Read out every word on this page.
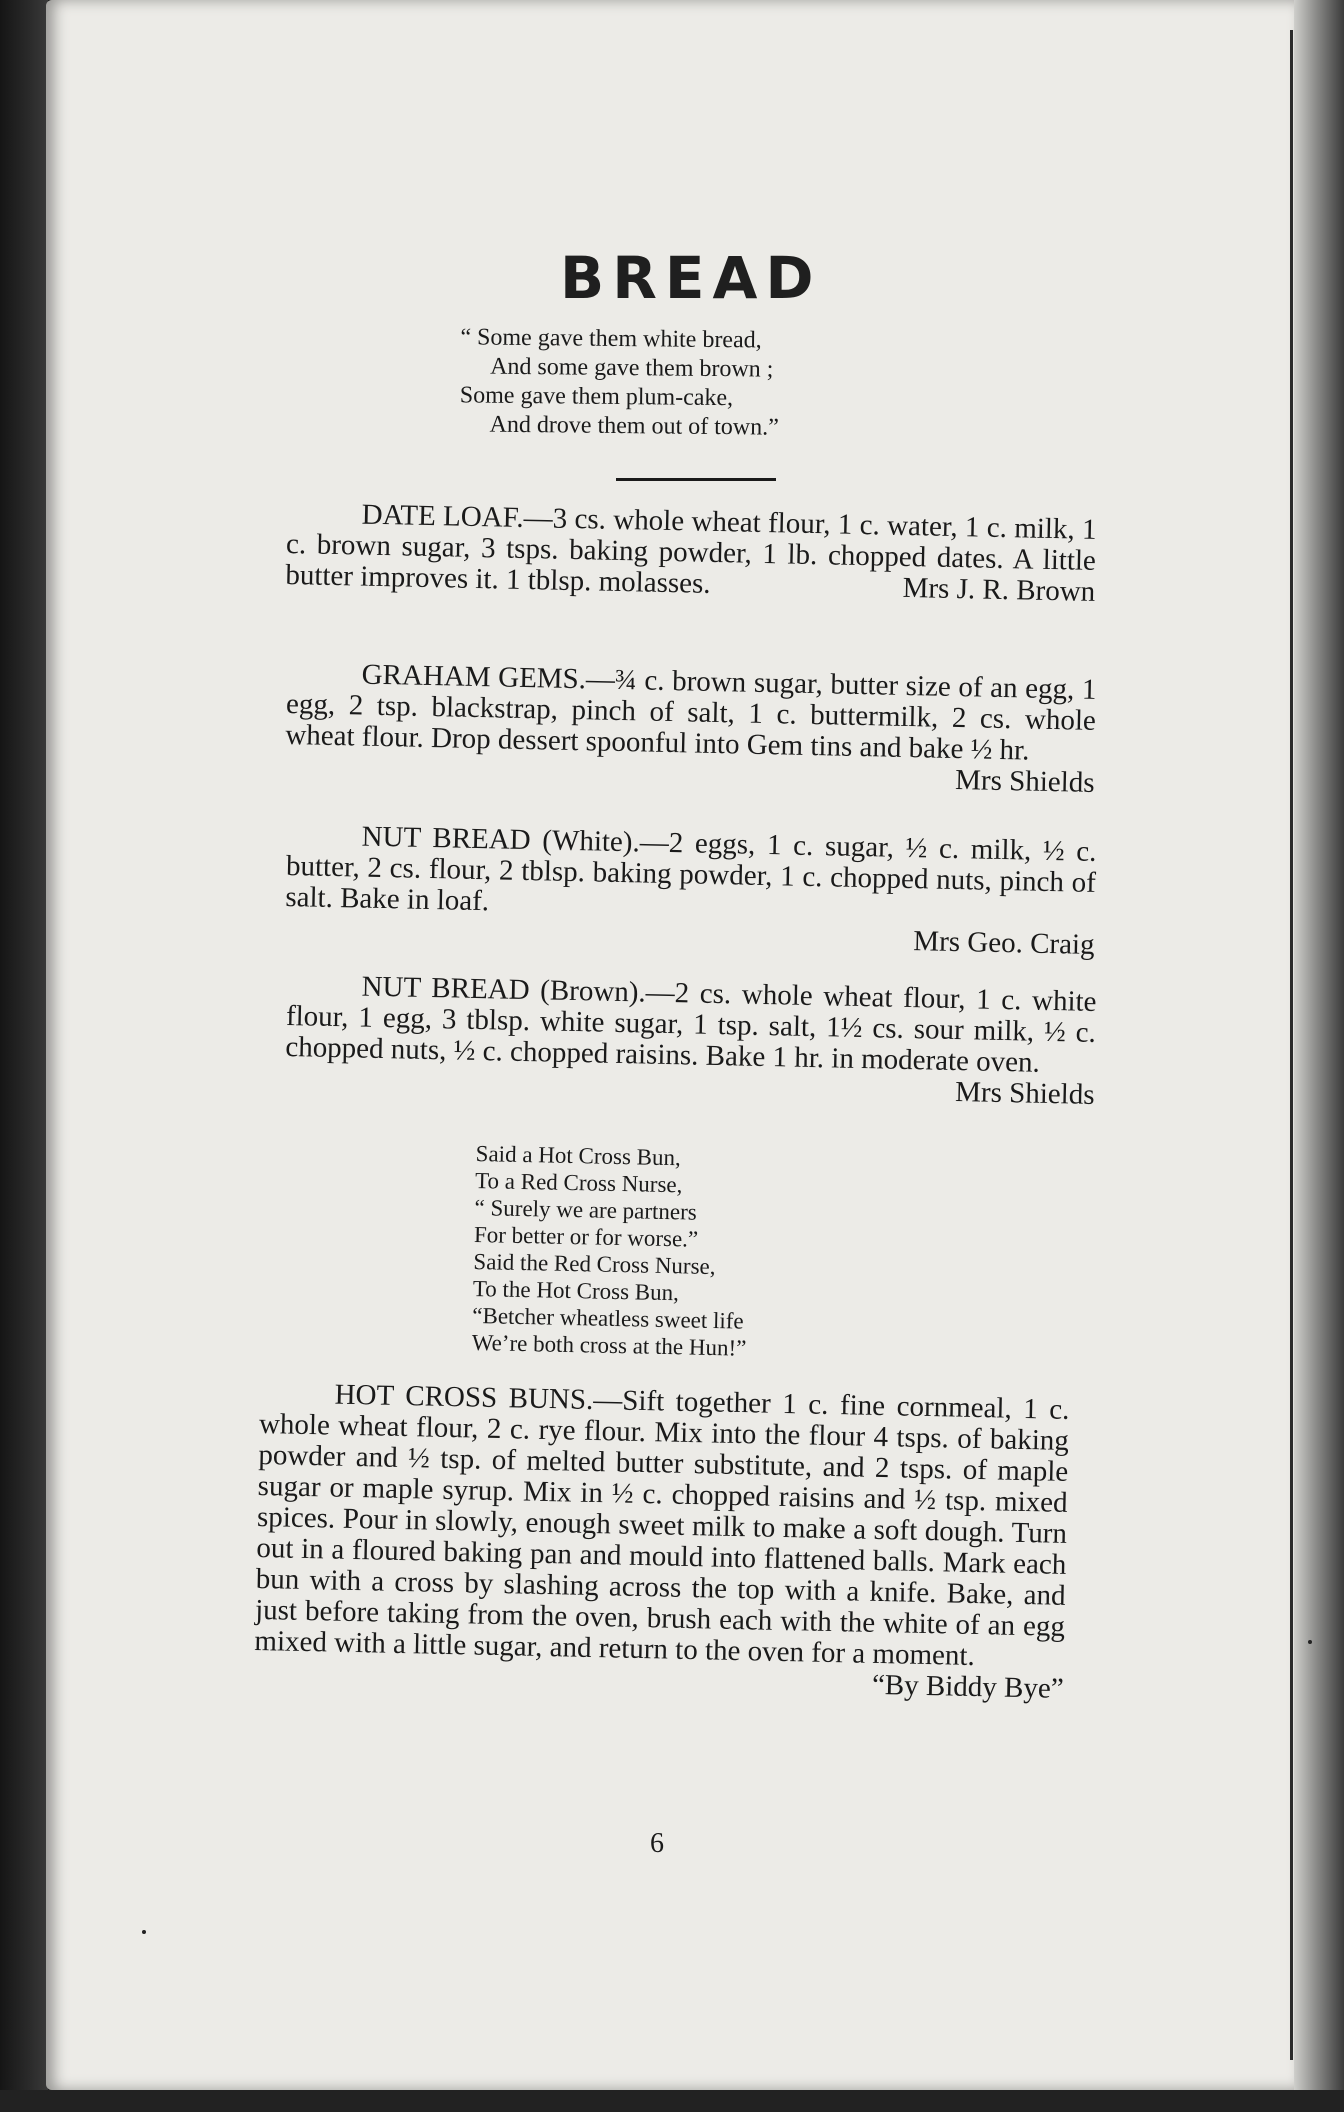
BREAD
“ Some gave them white bread,
And some gave them brown ;
Some gave them plum-cake,
And drove them out of town.”
DATE LOAF.—3 cs. whole wheat flour, 1 c. water, 1 c. milk, 1 c. brown sugar, 3 tsps. baking powder, 1 lb. chopped dates. A little butter improves it. 1 tblsp. molasses.	Mrs J. R. Brown
GRAHAM GEMS.—¾ c. brown sugar, butter size of an egg, 1 egg, 2 tsp. blackstrap, pinch of salt, 1 c. buttermilk, 2 cs. whole wheat flour. Drop dessert spoonful into Gem tins and bake ½ hr.
Mrs Shields
NUT BREAD (White).—2 eggs, 1 c. sugar, ½ c. milk, ½ c. butter, 2 cs. flour, 2 tblsp. baking powder, 1 c. chopped nuts, pinch of salt. Bake in loaf.
Mrs Geo. Craig
NUT BREAD (Brown).—2 cs. whole wheat flour, 1 c. white flour, 1 egg, 3 tblsp. white sugar, 1 tsp. salt, 1½ cs. sour milk, ½ c. chopped nuts, ½ c. chopped raisins. Bake 1 hr. in moderate oven.
Mrs Shields
Said a Hot Cross Bun,
To a Red Cross Nurse,
“ Surely we are partners
For better or for worse.”
Said the Red Cross Nurse,
To the Hot Cross Bun,
“Betcher wheatless sweet life
We’re both cross at the Hun!”
HOT CROSS BUNS.—Sift together 1 c. fine cornmeal, 1 c. whole wheat flour, 2 c. rye flour. Mix into the flour 4 tsps. of baking powder and ½ tsp. of melted butter substitute, and 2 tsps. of maple sugar or maple syrup. Mix in ½ c. chopped raisins and ½ tsp. mixed spices. Pour in slowly, enough sweet milk to make a soft dough. Turn out in a floured baking pan and mould into flattened balls. Mark each bun with a cross by slashing across the top with a knife. Bake, and just before taking from the oven, brush each with the white of an egg mixed with a little sugar, and return to the oven for a moment.
“By Biddy Bye”
6
